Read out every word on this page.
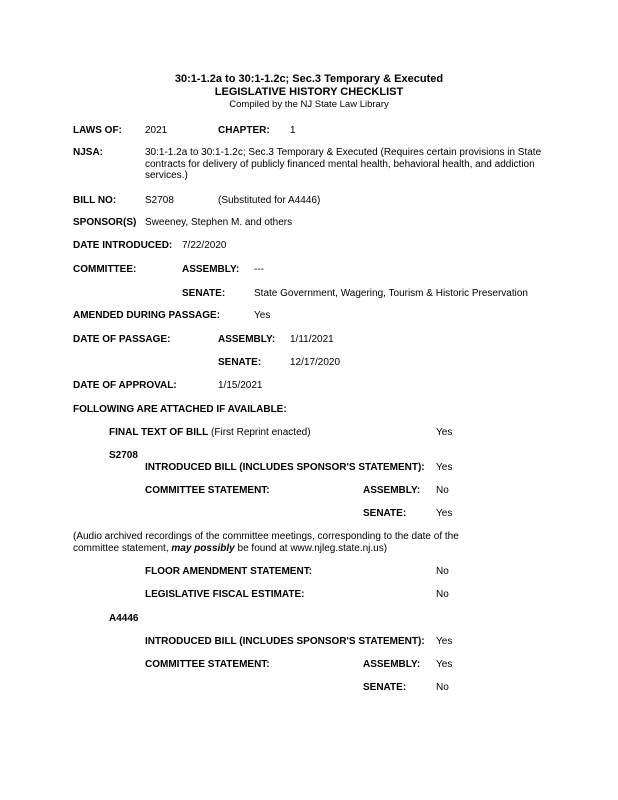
30:1-1.2a to 30:1-1.2c; Sec.3 Temporary & Executed
LEGISLATIVE HISTORY CHECKLIST
Compiled by the NJ State Law Library
LAWS OF: 2021	CHAPTER: 1
NJSA:	30:1-1.2a to 30:1-1.2c; Sec.3 Temporary & Executed (Requires certain provisions in State contracts for delivery of publicly financed mental health, behavioral health, and addiction services.)
BILL NO:	S2708	(Substituted for A4446)
SPONSOR(S) Sweeney, Stephen M. and others
DATE INTRODUCED: 7/22/2020
COMMITTEE:	ASSEMBLY: ---
SENATE:	State Government, Wagering, Tourism & Historic Preservation
AMENDED DURING PASSAGE:	Yes
DATE OF PASSAGE:	ASSEMBLY: 1/11/2021
SENATE:	12/17/2020
DATE OF APPROVAL:	1/15/2021
FOLLOWING ARE ATTACHED IF AVAILABLE:
FINAL TEXT OF BILL (First Reprint enacted)	Yes
S2708
INTRODUCED BILL (INCLUDES SPONSOR'S STATEMENT): Yes
COMMITTEE STATEMENT:	ASSEMBLY: No
SENATE:	Yes
(Audio archived recordings of the committee meetings, corresponding to the date of the committee statement, may possibly be found at www.njleg.state.nj.us)
FLOOR AMENDMENT STATEMENT:	No
LEGISLATIVE FISCAL ESTIMATE:	No
A4446
INTRODUCED BILL (INCLUDES SPONSOR'S STATEMENT): Yes
COMMITTEE STATEMENT:	ASSEMBLY: Yes
SENATE:	No
